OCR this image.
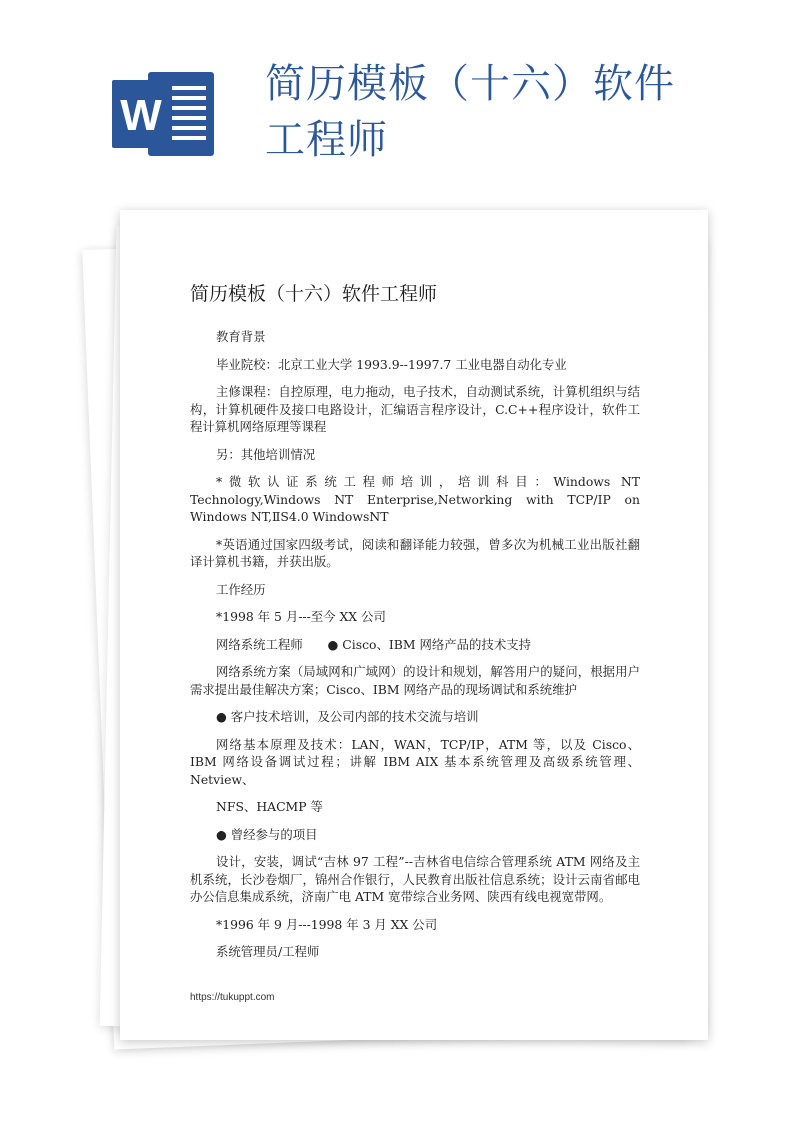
W
简历模板（十六）软件工程师
简历模板（十六）软件工程师

教育背景

毕业院校：北京工业大学 1993.9--1997.7 工业电器自动化专业

主修课程：自控原理，电力拖动，电子技术，自动测试系统，计算机组织与结构，计算机硬件及接口电路设计，汇编语言程序设计，C.C++程序设计，软件工程计算机网络原理等课程

另：其他培训情况

*微软认证系统工程师培训，培训科目：Windows NT Technology,Windows NT Enterprise,Networking with TCP/IP on Windows NT,ⅡS4.0 WindowsNT

*英语通过国家四级考试，阅读和翻译能力较强，曾多次为机械工业出版社翻译计算机书籍，并获出版。

工作经历

*1998 年 5 月---至今 XX 公司

网络系统工程师　　● Cisco、IBM 网络产品的技术支持

网络系统方案（局域网和广域网）的设计和规划，解答用户的疑问，根据用户需求提出最佳解决方案；Cisco、IBM 网络产品的现场调试和系统维护

● 客户技术培训，及公司内部的技术交流与培训

网络基本原理及技术：LAN，WAN，TCP/IP，ATM 等，以及 Cisco、IBM 网络设备调试过程；讲解 IBM AIX 基本系统管理及高级系统管理、Netview、

NFS、HACMP 等

● 曾经参与的项目

设计，安装，调试“吉林 97 工程”--吉林省电信综合管理系统 ATM 网络及主机系统，长沙卷烟厂，锦州合作银行，人民教育出版社信息系统；设计云南省邮电办公信息集成系统，济南广电 ATM 宽带综合业务网、陕西有线电视宽带网。

*1996 年 9 月---1998 年 3 月 XX 公司

系统管理员/工程师

https://tukuppt.com
